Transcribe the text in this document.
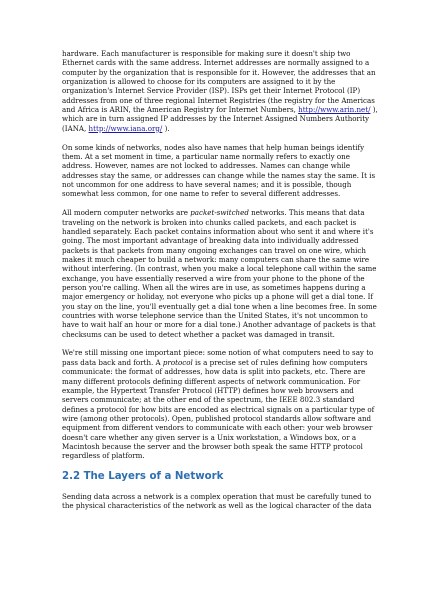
hardware. Each manufacturer is responsible for making sure it doesn't ship two Ethernet cards with the same address. Internet addresses are normally assigned to a computer by the organization that is responsible for it. However, the addresses that an organization is allowed to choose for its computers are assigned to it by the organization's Internet Service Provider (ISP). ISPs get their Internet Protocol (IP) addresses from one of three regional Internet Registries (the registry for the Americas and Africa is ARIN, the American Registry for Internet Numbers, http://www.arin.net/ ), which are in turn assigned IP addresses by the Internet Assigned Numbers Authority (IANA, http://www.iana.org/ ).

On some kinds of networks, nodes also have names that help human beings identify them. At a set moment in time, a particular name normally refers to exactly one address. However, names are not locked to addresses. Names can change while addresses stay the same, or addresses can change while the names stay the same. It is not uncommon for one address to have several names; and it is possible, though somewhat less common, for one name to refer to several different addresses.

All modern computer networks are packet-switched networks. This means that data traveling on the network is broken into chunks called packets, and each packet is handled separately. Each packet contains information about who sent it and where it's going. The most important advantage of breaking data into individually addressed packets is that packets from many ongoing exchanges can travel on one wire, which makes it much cheaper to build a network: many computers can share the same wire without interfering. (In contrast, when you make a local telephone call within the same exchange, you have essentially reserved a wire from your phone to the phone of the person you're calling. When all the wires are in use, as sometimes happens during a major emergency or holiday, not everyone who picks up a phone will get a dial tone. If you stay on the line, you'll eventually get a dial tone when a line becomes free. In some countries with worse telephone service than the United States, it's not uncommon to have to wait half an hour or more for a dial tone.) Another advantage of packets is that checksums can be used to detect whether a packet was damaged in transit.

We're still missing one important piece: some notion of what computers need to say to pass data back and forth. A protocol is a precise set of rules defining how computers communicate: the format of addresses, how data is split into packets, etc. There are many different protocols defining different aspects of network communication. For example, the Hypertext Transfer Protocol (HTTP) defines how web browsers and servers communicate; at the other end of the spectrum, the IEEE 802.3 standard defines a protocol for how bits are encoded as electrical signals on a particular type of wire (among other protocols). Open, published protocol standards allow software and equipment from different vendors to communicate with each other: your web browser doesn't care whether any given server is a Unix workstation, a Windows box, or a Macintosh because the server and the browser both speak the same HTTP protocol regardless of platform.

2.2 The Layers of a Network

Sending data across a network is a complex operation that must be carefully tuned to the physical characteristics of the network as well as the logical character of the data
